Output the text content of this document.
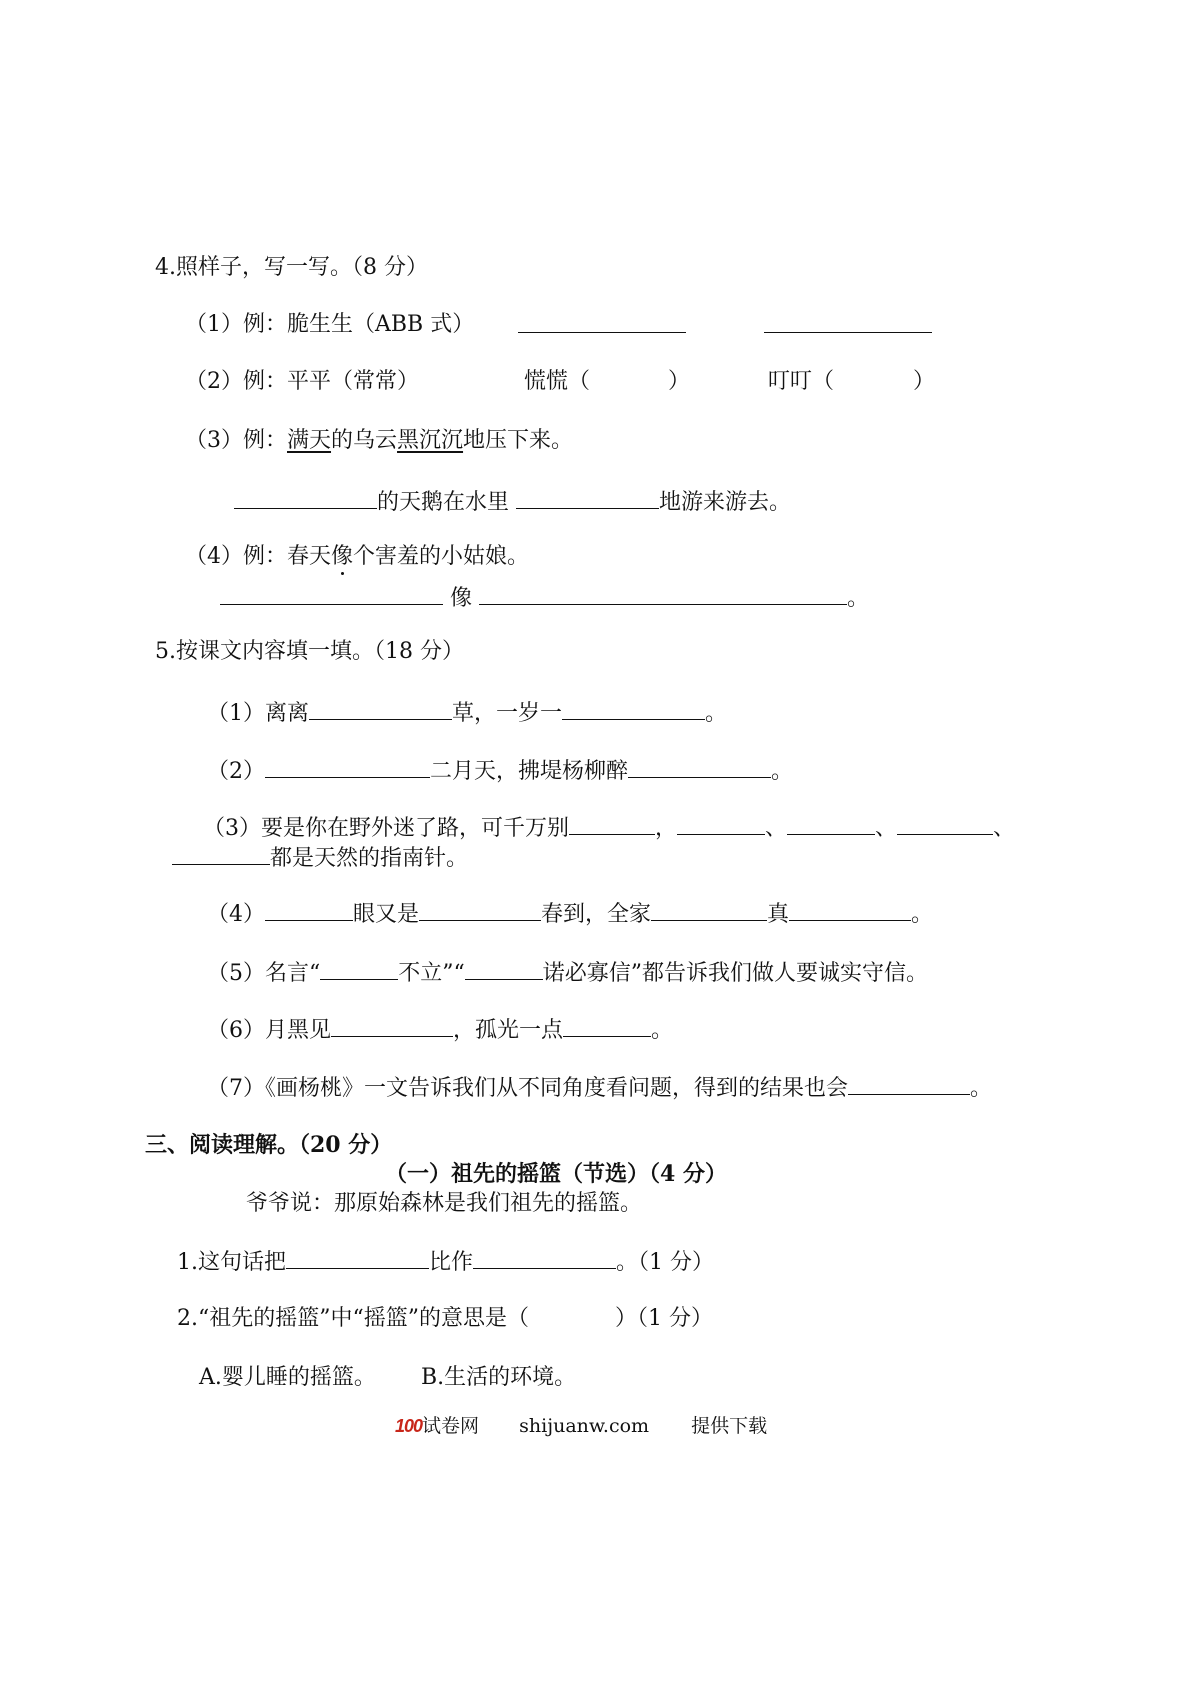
4.照样子，写一写。（8 分）
（1）例：脆生生（ABB 式）
（2）例：平平（常常）	慌慌（	）	叮叮（	）
（3）例：满天的乌云黑沉沉地压下来。
的天鹅在水里	地游来游去。
（4）例：春天像个害羞的小姑娘。
像	。
5.按课文内容填一填。（18 分）
（1）离离	草，一岁一	。
（2）	二月天，拂堤杨柳醉	。
（3）要是你在野外迷了路，可千万别	，	、	、	、
都是天然的指南针。
（4）	眼又是	春到，全家	真	。
（5）名言“	不立”“	诺必寡信”都告诉我们做人要诚实守信。
（6）月黑见	，孤光一点	。
（7）《画杨桃》一文告诉我们从不同角度看问题，得到的结果也会	。
三、阅读理解。（20 分）
（一）祖先的摇篮（节选）（4 分）
爷爷说：那原始森林是我们祖先的摇篮。
1.这句话把	比作	。（1 分）
2.“祖先的摇篮”中“摇篮”的意思是（	）（1 分）
A.婴儿睡的摇篮。 B.生活的环境。
100试卷网 shijuanw.com 提供下载
